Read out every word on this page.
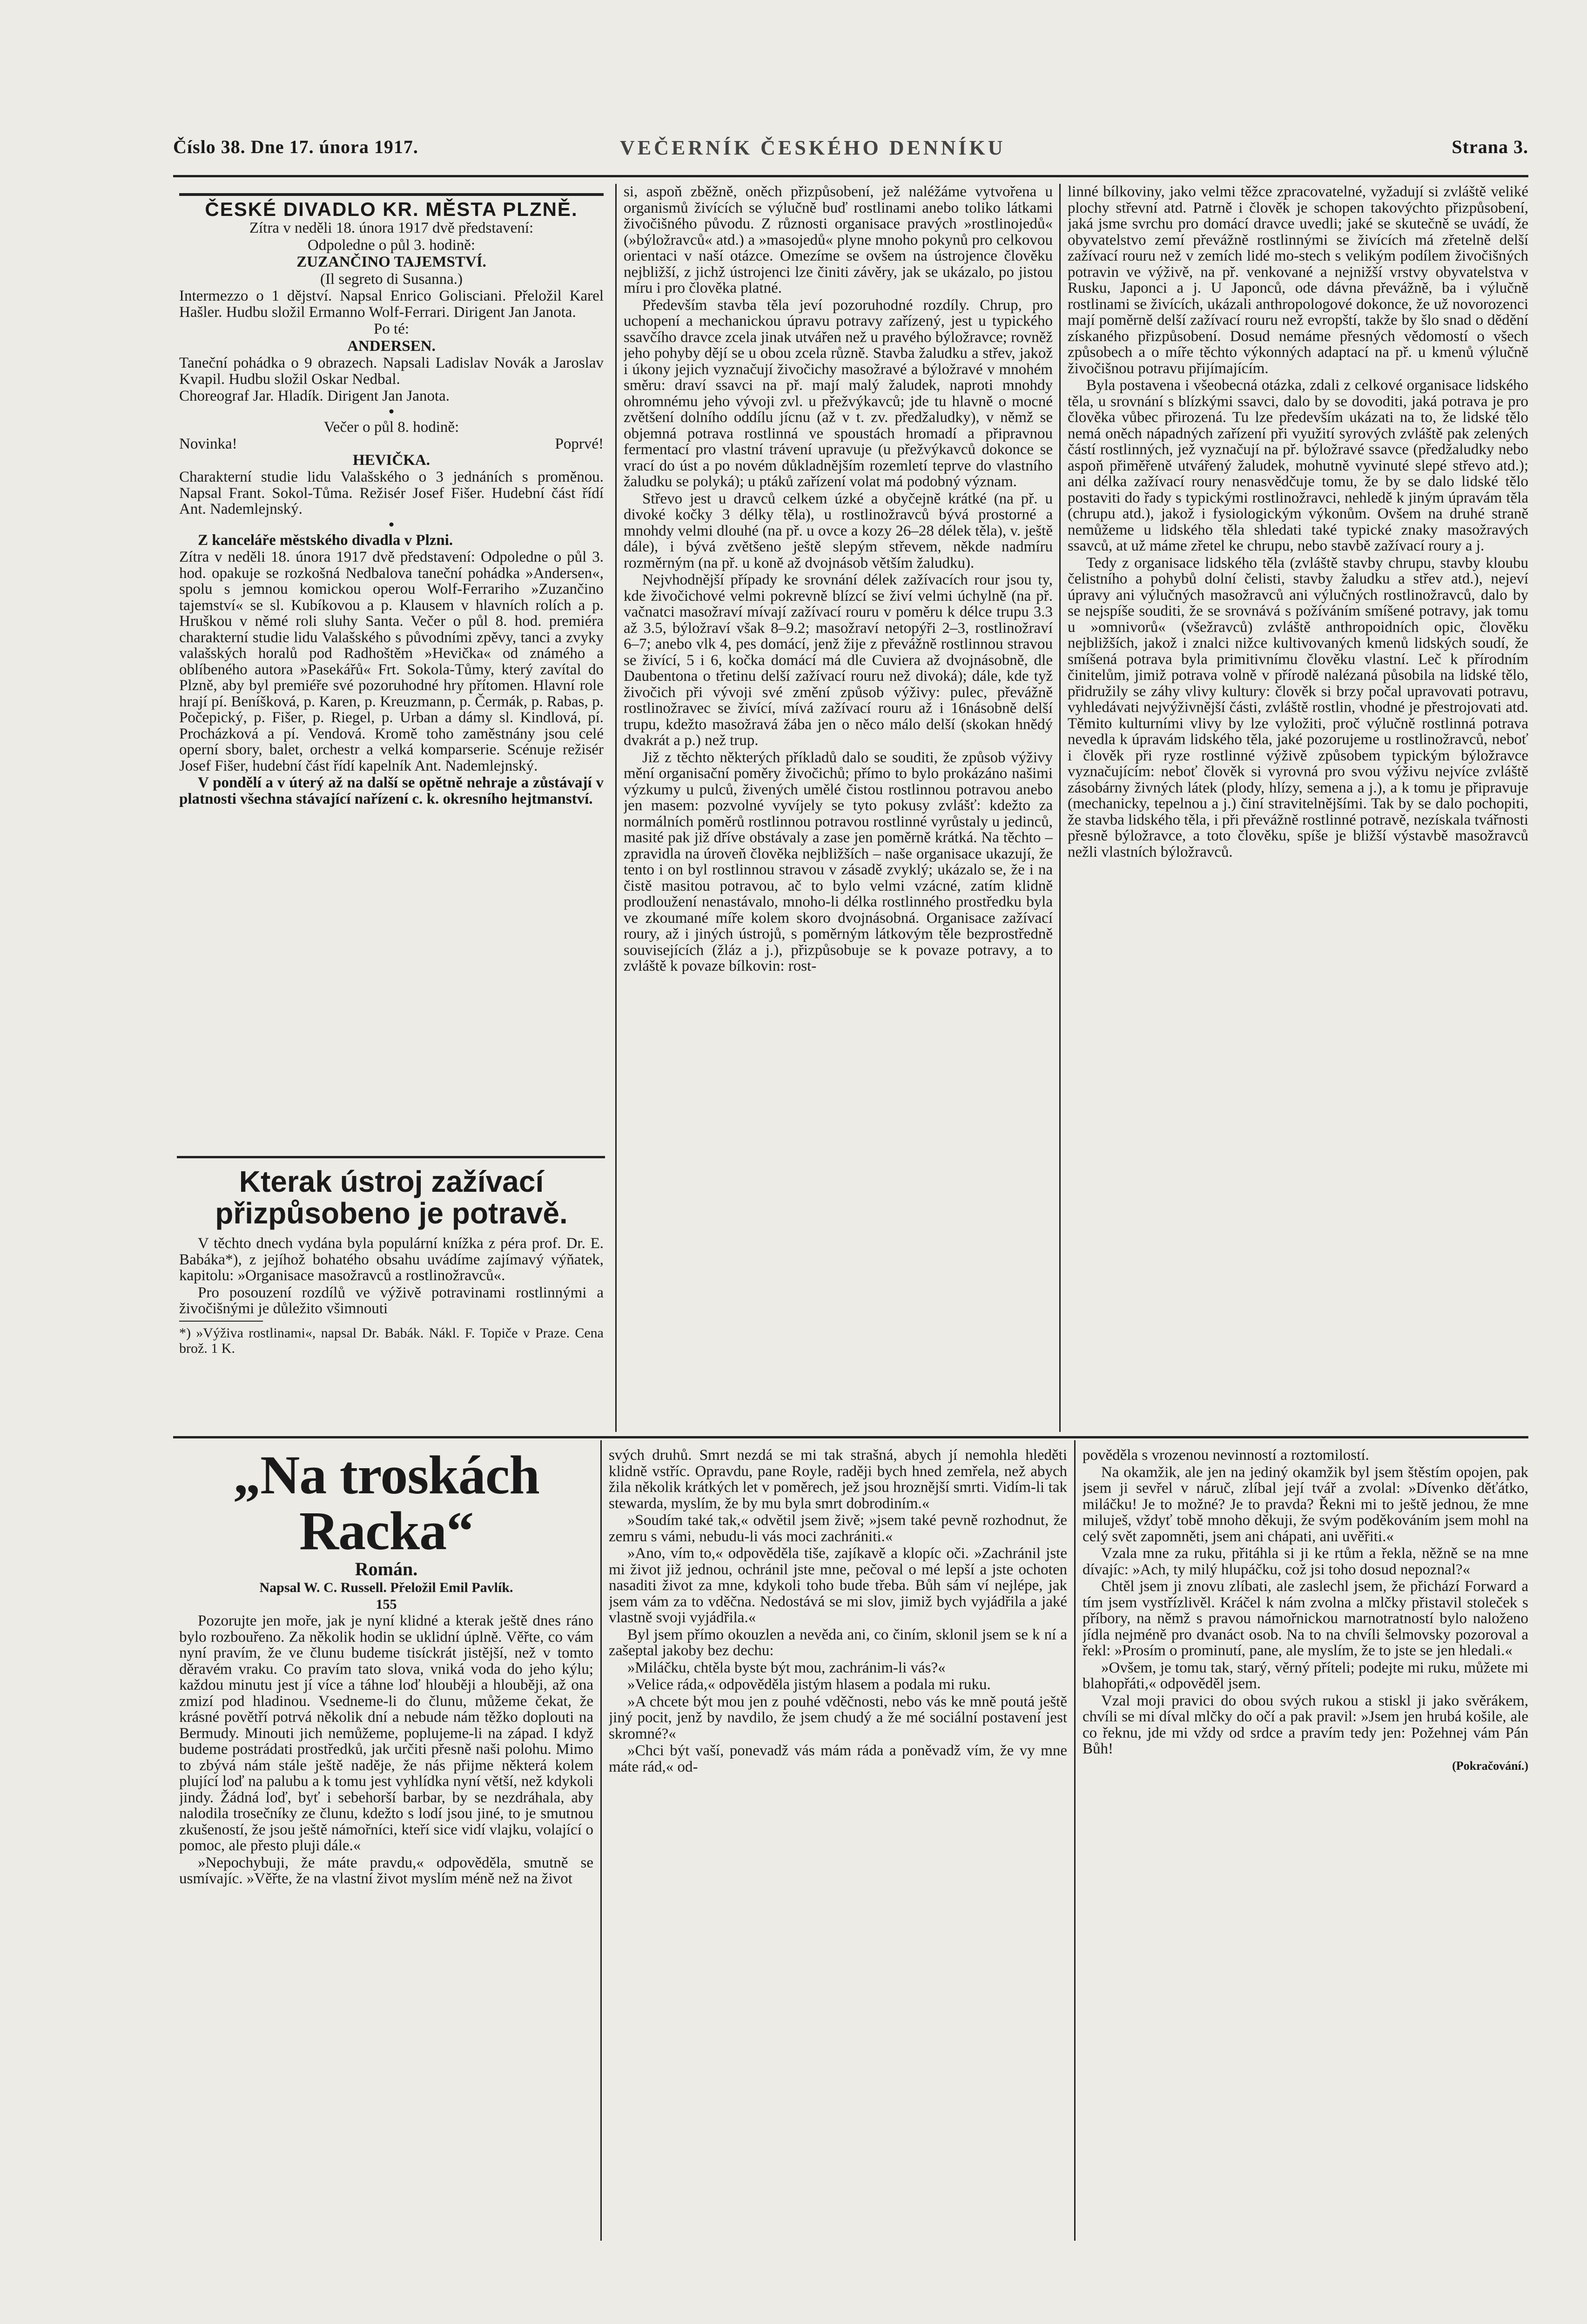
Číslo 38. Dne 17. února 1917.	VEČERNÍK ČESKÉHO DENNÍKU	Strana 3.
ČESKÉ DIVADLO KR. MĚSTA PLZNĚ.

Zítra v neděli 18. února 1917 dvě představení:

Odpoledne o půl 3. hodině:

ZUZANČINO TAJEMSTVÍ.

(Il segreto di Susanna.)

Intermezzo o 1 dějství. Napsal Enrico Golisciani. Přeložil Karel Hašler. Hudbu složil Ermanno Wolf-Ferrari. Dirigent Jan Janota.

Po té:

ANDERSEN.

Taneční pohádka o 9 obrazech. Napsali Ladislav Novák a Jaroslav Kvapil. Hudbu složil Oskar Nedbal.

Choreograf Jar. Hladík. Dirigent Jan Janota.

•

Večer o půl 8. hodině:

Novinka!	Poprvé!

HEVIČKA.

Charakterní studie lidu Valašského o 3 jednáních s proměnou. Napsal Frant. Sokol-Tůma. Režisér Josef Fišer. Hudební část řídí Ant. Nademlejnský.

•

Z kanceláře městského divadla v Plzni.

Zítra v neděli 18. února 1917 dvě představení: Odpoledne o půl 3. hod. opakuje se rozkošná Nedbalova taneční pohádka »Andersen«, spolu s jemnou komickou operou Wolf-Ferrariho »Zuzančino tajemství« se sl. Kubíkovou a p. Klausem v hlavních rolích a p. Hruškou v němé roli sluhy Santa. Večer o půl 8. hod. premiéra charakterní studie lidu Valašského s původními zpěvy, tanci a zvyky valašských horalů pod Radhoštěm »Hevička« od známého a oblíbeného autora »Pasekářů« Frt. Sokola-Tůmy, který zavítal do Plzně, aby byl premiéře své pozoruhodné hry přítomen. Hlavní role hrají pí. Beníšková, p. Karen, p. Kreuzmann, p. Čermák, p. Rabas, p. Počepický, p. Fišer, p. Riegel, p. Urban a dámy sl. Kindlová, pí. Procházková a pí. Vendová. Kromě toho zaměstnány jsou celé operní sbory, balet, orchestr a velká komparserie. Scénuje režisér Josef Fišer, hudební část řídí kapelník Ant. Nademlejnský.

V pondělí a v úterý až na další se opětně nehraje a zůstávají v platnosti všechna stávající nařízení c. k. okresního hejtmanství.

Kterak ústroj zažívací přizpůsobeno je potravě.

V těchto dnech vydána byla populární knížka z péra prof. Dr. E. Babáka*), z jejíhož bohatého obsahu uvádíme zajímavý výňatek, kapitolu: »Organisace masožravců a rostlinožravců«.

Pro posouzení rozdílů ve výživě potravinami rostlinnými a živočišnými je důležito všimnouti

*) »Výživa rostlinami«, napsal Dr. Babák. Nákl. F. Topiče v Praze. Cena brož. 1 K.

si, aspoň zběžně, oněch přizpůsobení, jež naléžáme vytvořena u organismů živících se výlučně buď rostlinami anebo toliko látkami živočišného původu. Z různosti organisace pravých »rostlinojedů« (»býložravců« atd.) a »masojedů« plyne mnoho pokynů pro celkovou orientaci v naší otázce. Omezíme se ovšem na ústrojence člověku nejbližší, z jichž ústrojenci lze činiti závěry, jak se ukázalo, po jistou míru i pro člověka platné.

Především stavba těla jeví pozoruhodné rozdíly. Chrup, pro uchopení a mechanickou úpravu potravy zařízený, jest u typického ssavčího dravce zcela jinak utvářen než u pravého býložravce; rovněž jeho pohyby dějí se u obou zcela různě. Stavba žaludku a střev, jakož i úkony jejich vyznačují živočichy masožravé a býložravé v mnohém směru: draví ssavci na př. mají malý žaludek, naproti mnohdy ohromnému jeho vývoji zvl. u přežvýkavců; jde tu hlavně o mocné zvětšení dolního oddílu jícnu (až v t. zv. předžaludky), v němž se objemná potrava rostlinná ve spoustách hromadí a připravnou fermentací pro vlastní trávení upravuje (u přežvýkavců dokonce se vrací do úst a po novém důkladnějším rozemletí teprve do vlastního žaludku se polyká); u ptáků zařízení volat má podobný význam.

Střevo jest u dravců celkem úzké a obyčejně krátké (na př. u divoké kočky 3 délky těla), u rostlinožravců bývá prostorné a mnohdy velmi dlouhé (na př. u ovce a kozy 26–28 délek těla), v. ještě dále), i bývá zvětšeno ještě slepým střevem, někde nadmíru rozměrným (na př. u koně až dvojnásob větším žaludku).

Nejvhodnější případy ke srovnání délek zažívacích rour jsou ty, kde živočichové velmi pokrevně blízcí se živí velmi úchylně (na př. vačnatci masožraví mívají zažívací rouru v poměru k délce trupu 3.3 až 3.5, býložraví však 8–9.2; masožraví netopýři 2–3, rostlinožraví 6–7; anebo vlk 4, pes domácí, jenž žije z převážně rostlinnou stravou se živící, 5 i 6, kočka domácí má dle Cuviera až dvojnásobně, dle Daubentona o třetinu delší zažívací rouru než divoká); dále, kde tyž živočich při vývoji své změní způsob výživy: pulec, převážně rostlinožravec se živící, mívá zažívací rouru až i 16násobně delší trupu, kdežto masožravá žába jen o něco málo delší (skokan hnědý dvakrát a p.) než trup.

Již z těchto některých příkladů dalo se souditi, že způsob výživy mění organisační poměry živočichů; přímo to bylo prokázáno našimi výzkumy u pulců, živených umělé čistou rostlinnou potravou anebo jen masem: pozvolné vyvíjely se tyto pokusy zvlášť: kdežto za normálních poměrů rostlinnou potravou rostlinné vyrůstaly u jedinců, masité pak již dříve obstávaly a zase jen poměrně krátká. Na těchto – zpravidla na úroveň člověka nejbližších – naše organisace ukazují, že tento i on byl rostlinnou stravou v zásadě zvyklý; ukázalo se, že i na čistě masitou potravou, ač to bylo velmi vzácné, zatím klidně prodloužení nenastávalo, mnoho-li délka rostlinného prostředku byla ve zkoumané míře kolem skoro dvojnásobná. Organisace zažívací roury, až i jiných ústrojů, s poměrným látkovým těle bezprostředně souvisejících (žláz a j.), přizpůsobuje se k povaze potravy, a to zvláště k povaze bílkovin: rost-

linné bílkoviny, jako velmi těžce zpracovatelné, vyžadují si zvláště veliké plochy střevní atd. Patrně i člověk je schopen takovýchto přizpůsobení, jaká jsme svrchu pro domácí dravce uvedli; jaké se skutečně se uvádí, že obyvatelstvo zemí převážně rostlinnými se živících má zřetelně delší zažívací rouru než v zemích lidé mo-stech s velikým podílem živočišných potravin ve výživě, na př. venkované a nejnižší vrstvy obyvatelstva v Rusku, Japonci a j. U Japonců, ode dávna převážně, ba i výlučně rostlinami se živících, ukázali anthropologové dokonce, že už novorozenci mají poměrně delší zažívací rouru než evropští, takže by šlo snad o dědění získaného přizpůsobení. Dosud nemáme přesných vědomostí o všech způsobech a o míře těchto výkonných adaptací na př. u kmenů výlučně živočišnou potravu přijímajícím.

Byla postavena i všeobecná otázka, zdali z celkové organisace lidského těla, u srovnání s blízkými ssavci, dalo by se dovoditi, jaká potrava je pro člověka vůbec přirozená. Tu lze především ukázati na to, že lidské tělo nemá oněch nápadných zařízení při využití syrových zvláště pak zelených částí rostlinných, jež vyznačují na př. býložravé ssavce (předžaludky nebo aspoň přiměřeně utvářený žaludek, mohutně vyvinuté slepé střevo atd.); ani délka zažívací roury nenasvědčuje tomu, že by se dalo lidské tělo postaviti do řady s typickými rostlinožravci, nehledě k jiným úpravám těla (chrupu atd.), jakož i fysiologickým výkonům. Ovšem na druhé straně nemůžeme u lidského těla shledati také typické znaky masožravých ssavců, at už máme zřetel ke chrupu, nebo stavbě zažívací roury a j.

Tedy z organisace lidského těla (zvláště stavby chrupu, stavby kloubu čelistního a pohybů dolní čelisti, stavby žaludku a střev atd.), nejeví úpravy ani výlučných masožravců ani výlučných rostlinožravců, dalo by se nejspíše souditi, že se srovnává s požíváním smíšené potravy, jak tomu u »omnivorů« (všežravců) zvláště anthropoidních opic, člověku nejbližších, jakož i znalci nižce kultivovaných kmenů lidských soudí, že smíšená potrava byla primitivnímu člověku vlastní. Leč k přírodním činitelům, jimiž potrava volně v přírodě nalézaná působila na lidské tělo, přidružily se záhy vlivy kultury: člověk si brzy počal upravovati potravu, vyhledávati nejvýživnější části, zvláště rostlin, vhodné je přestrojovati atd. Těmito kulturními vlivy by lze vyložiti, proč výlučně rostlinná potrava nevedla k úpravám lidského těla, jaké pozorujeme u rostlinožravců, neboť i člověk při ryze rostlinné výživě způsobem typickým býložravce vyznačujícím: neboť člověk si vyrovná pro svou výživu nejvíce zvláště zásobárny živných látek (plody, hlízy, semena a j.), a k tomu je připravuje (mechanicky, tepelnou a j.) činí stravitelnějšími. Tak by se dalo pochopiti, že stavba lidského těla, i při převážně rostlinné potravě, nezískala tvářnosti přesně býložravce, a toto člověku, spíše je bližší výstavbě masožravců nežli vlastních býložravců.

„Na troskách Racka“
Román.
Napsal W. C. Russell. Přeložil Emil Pavlík.
155

Pozorujte jen moře, jak je nyní klidné a kterak ještě dnes ráno bylo rozbouřeno. Za několik hodin se uklidní úplně. Věřte, co vám nyní pravím, že ve člunu budeme tisíckrát jistější, než v tomto děravém vraku. Co pravím tato slova, vniká voda do jeho kýlu; každou minutu jest jí více a táhne loď hlouběji a hlouběji, až ona zmizí pod hladinou. Vsedneme-li do člunu, můžeme čekat, že krásné povětří potrvá několik dní a nebude nám těžko doplouti na Bermudy. Minouti jich nemůžeme, poplujeme-li na západ. I když budeme postrádati prostředků, jak určiti přesně naši polohu. Mimo to zbývá nám stále ještě naděje, že nás přijme některá kolem plující loď na palubu a k tomu jest vyhlídka nyní větší, než kdykoli jindy. Žádná loď, byť i sebehorší barbar, by se nezdráhala, aby nalodila trosečníky ze člunu, kdežto s lodí jsou jiné, to je smutnou zkušeností, že jsou ještě námořníci, kteří sice vidí vlajku, volající o pomoc, ale přesto pluji dále.«

»Nepochybuji, že máte pravdu,« odpověděla, smutně se usmívajíc. »Věřte, že na vlastní život myslím méně než na život

svých druhů. Smrt nezdá se mi tak strašná, abych jí nemohla hleděti klidně vstříc. Opravdu, pane Royle, raději bych hned zemřela, než abych žila několik krátkých let v poměrech, jež jsou hroznější smrti. Vidím-li tak stewarda, myslím, že by mu byla smrt dobrodiním.«

»Soudím také tak,« odvětil jsem živě; »jsem také pevně rozhodnut, že zemru s vámi, nebudu-li vás moci zachrániti.«

»Ano, vím to,« odpověděla tiše, zajíkavě a klopíc oči. »Zachránil jste mi život již jednou, ochránil jste mne, pečoval o mé lepší a jste ochoten nasaditi život za mne, kdykoli toho bude třeba. Bůh sám ví nejlépe, jak jsem vám za to vděčna. Nedostává se mi slov, jimiž bych vyjádřila a jaké vlastně svoji vyjádřila.«

Byl jsem přímo okouzlen a nevěda ani, co činím, sklonil jsem se k ní a zašeptal jakoby bez dechu:

»Miláčku, chtěla byste být mou, zachránim-li vás?«

»Velice ráda,« odpověděla jistým hlasem a podala mi ruku.

»A chcete být mou jen z pouhé vděčnosti, nebo vás ke mně poutá ještě jiný pocit, jenž by navdilo, že jsem chudý a že mé sociální postavení jest skromné?«

»Chci být vaší, ponevadž vás mám ráda a poněvadž vím, že vy mne máte rád,« od-

pověděla s vrozenou nevinností a roztomilostí.

Na okamžik, ale jen na jediný okamžik byl jsem štěstím opojen, pak jsem ji sevřel v náruč, zlíbal její tvář a zvolal: »Dívenko děťátko, miláčku! Je to možné? Je to pravda? Řekni mi to ještě jednou, že mne miluješ, vždyť tobě mnoho děkuji, že svým poděkováním jsem mohl na celý svět zapomněti, jsem ani chápati, ani uvěřiti.«

Vzala mne za ruku, přitáhla si ji ke rtům a řekla, něžně se na mne dívajíc: »Ach, ty milý hlupáčku, což jsi toho dosud nepoznal?«

Chtěl jsem ji znovu zlíbati, ale zaslechl jsem, že přichází Forward a tím jsem vystřízlivěl. Kráčel k nám zvolna a mlčky přistavil stoleček s příbory, na němž s pravou námořnickou marnotratností bylo naloženo jídla nejméně pro dvanáct osob. Na to na chvíli šelmovsky pozoroval a řekl: »Prosím o prominutí, pane, ale myslím, že to jste se jen hledali.«

»Ovšem, je tomu tak, starý, věrný příteli; podejte mi ruku, můžete mi blahopřáti,« odpověděl jsem.

Vzal moji pravici do obou svých rukou a stiskl ji jako svěrákem, chvíli se mi díval mlčky do očí a pak pravil: »Jsem jen hrubá košile, ale co řeknu, jde mi vždy od srdce a pravím tedy jen: Požehnej vám Pán Bůh!

(Pokračování.)
